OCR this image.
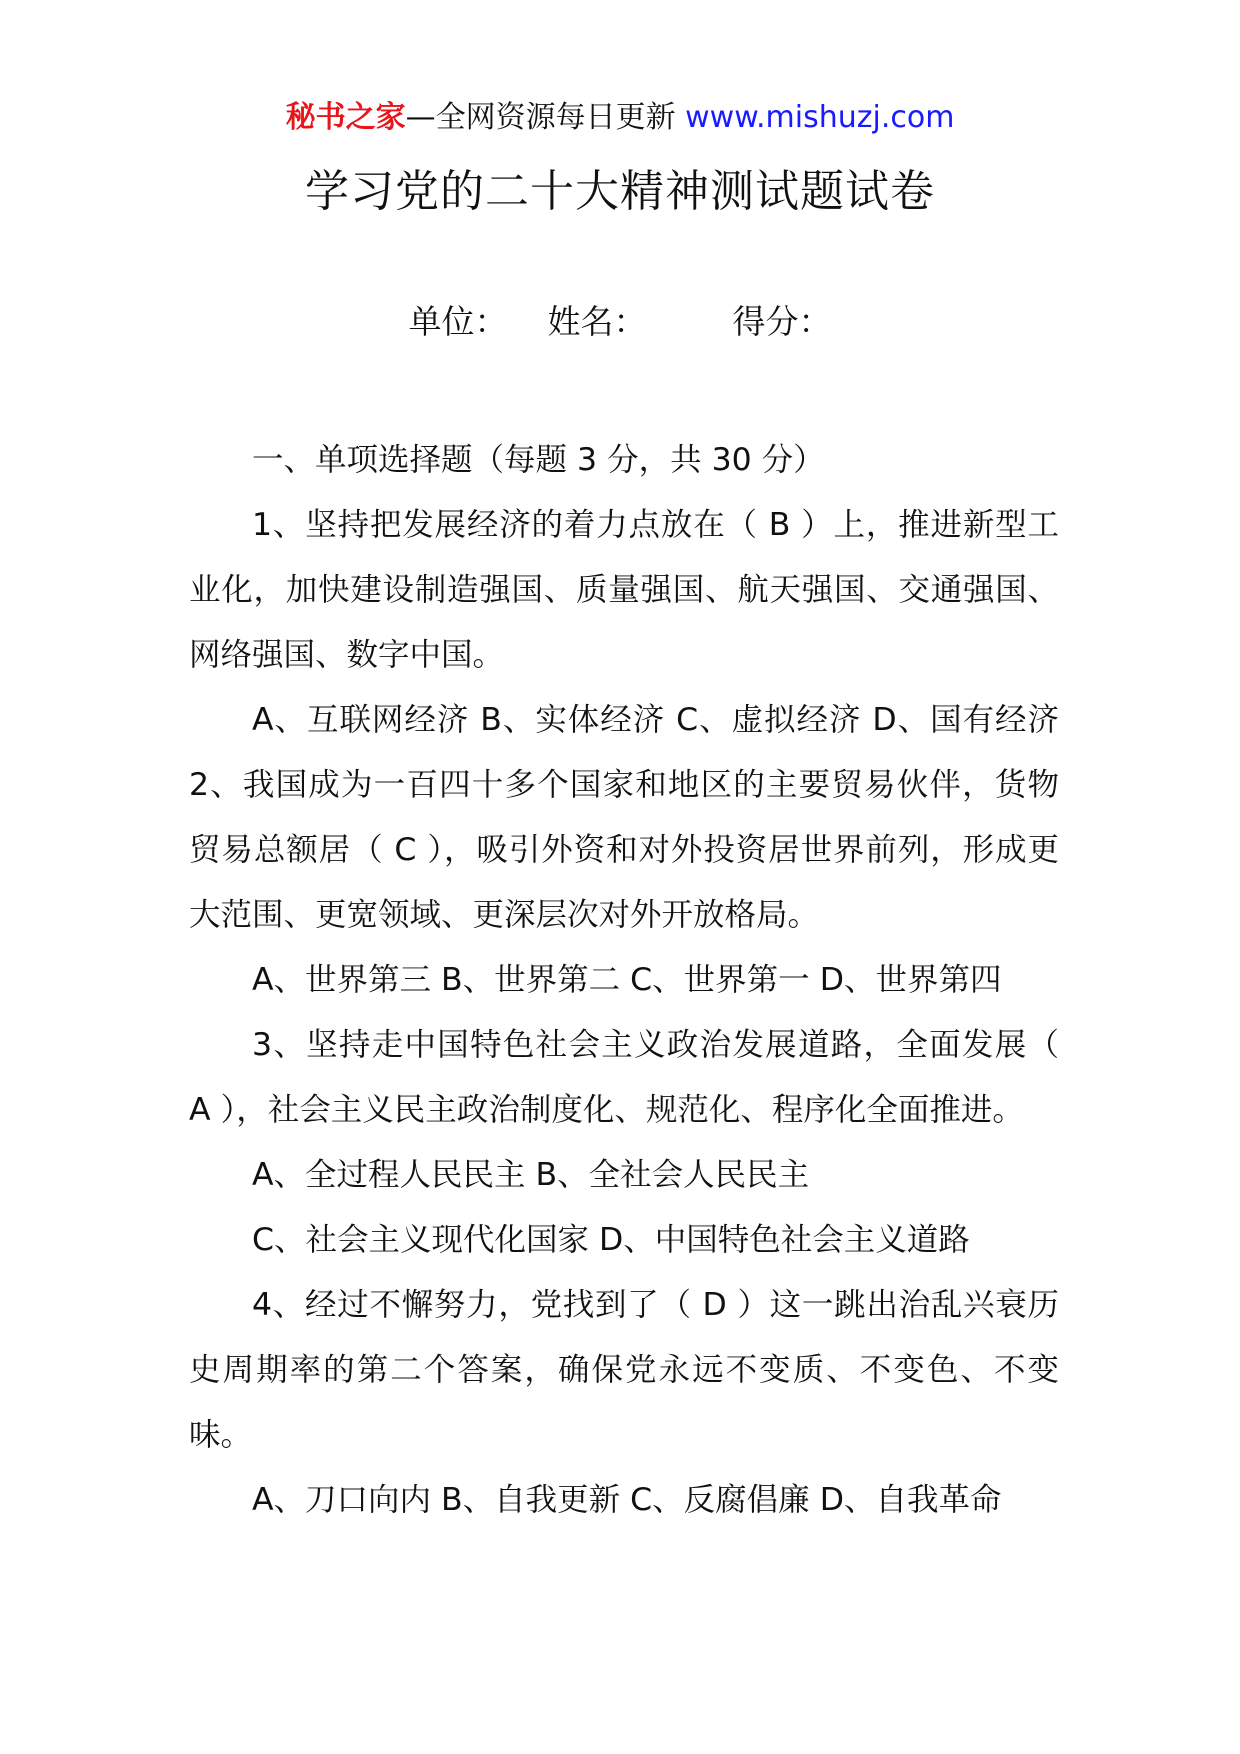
秘书之家—全网资源每日更新 www.mishuzj.com
学习党的二十大精神测试题试卷
单位： 姓名：	得分：

一、单项选择题（每题 3 分，共 30 分）

1、坚持把发展经济的着力点放在（ B ）上，推进新型工业化，加快建设制造强国、质量强国、航天强国、交通强国、网络强国、数字中国。

A、互联网经济 B、实体经济 C、虚拟经济 D、国有经济 2、我国成为一百四十多个国家和地区的主要贸易伙伴，货物贸易总额居（ C ），吸引外资和对外投资居世界前列，形成更大范围、更宽领域、更深层次对外开放格局。

A、世界第三 B、世界第二 C、世界第一 D、世界第四

3、坚持走中国特色社会主义政治发展道路，全面发展（ A ），社会主义民主政治制度化、规范化、程序化全面推进。

A、全过程人民民主 B、全社会人民民主

C、社会主义现代化国家 D、中国特色社会主义道路

4、经过不懈努力，党找到了（ D ）这一跳出治乱兴衰历史周期率的第二个答案，确保党永远不变质、不变色、不变味。

A、刀口向内 B、自我更新 C、反腐倡廉 D、自我革命
